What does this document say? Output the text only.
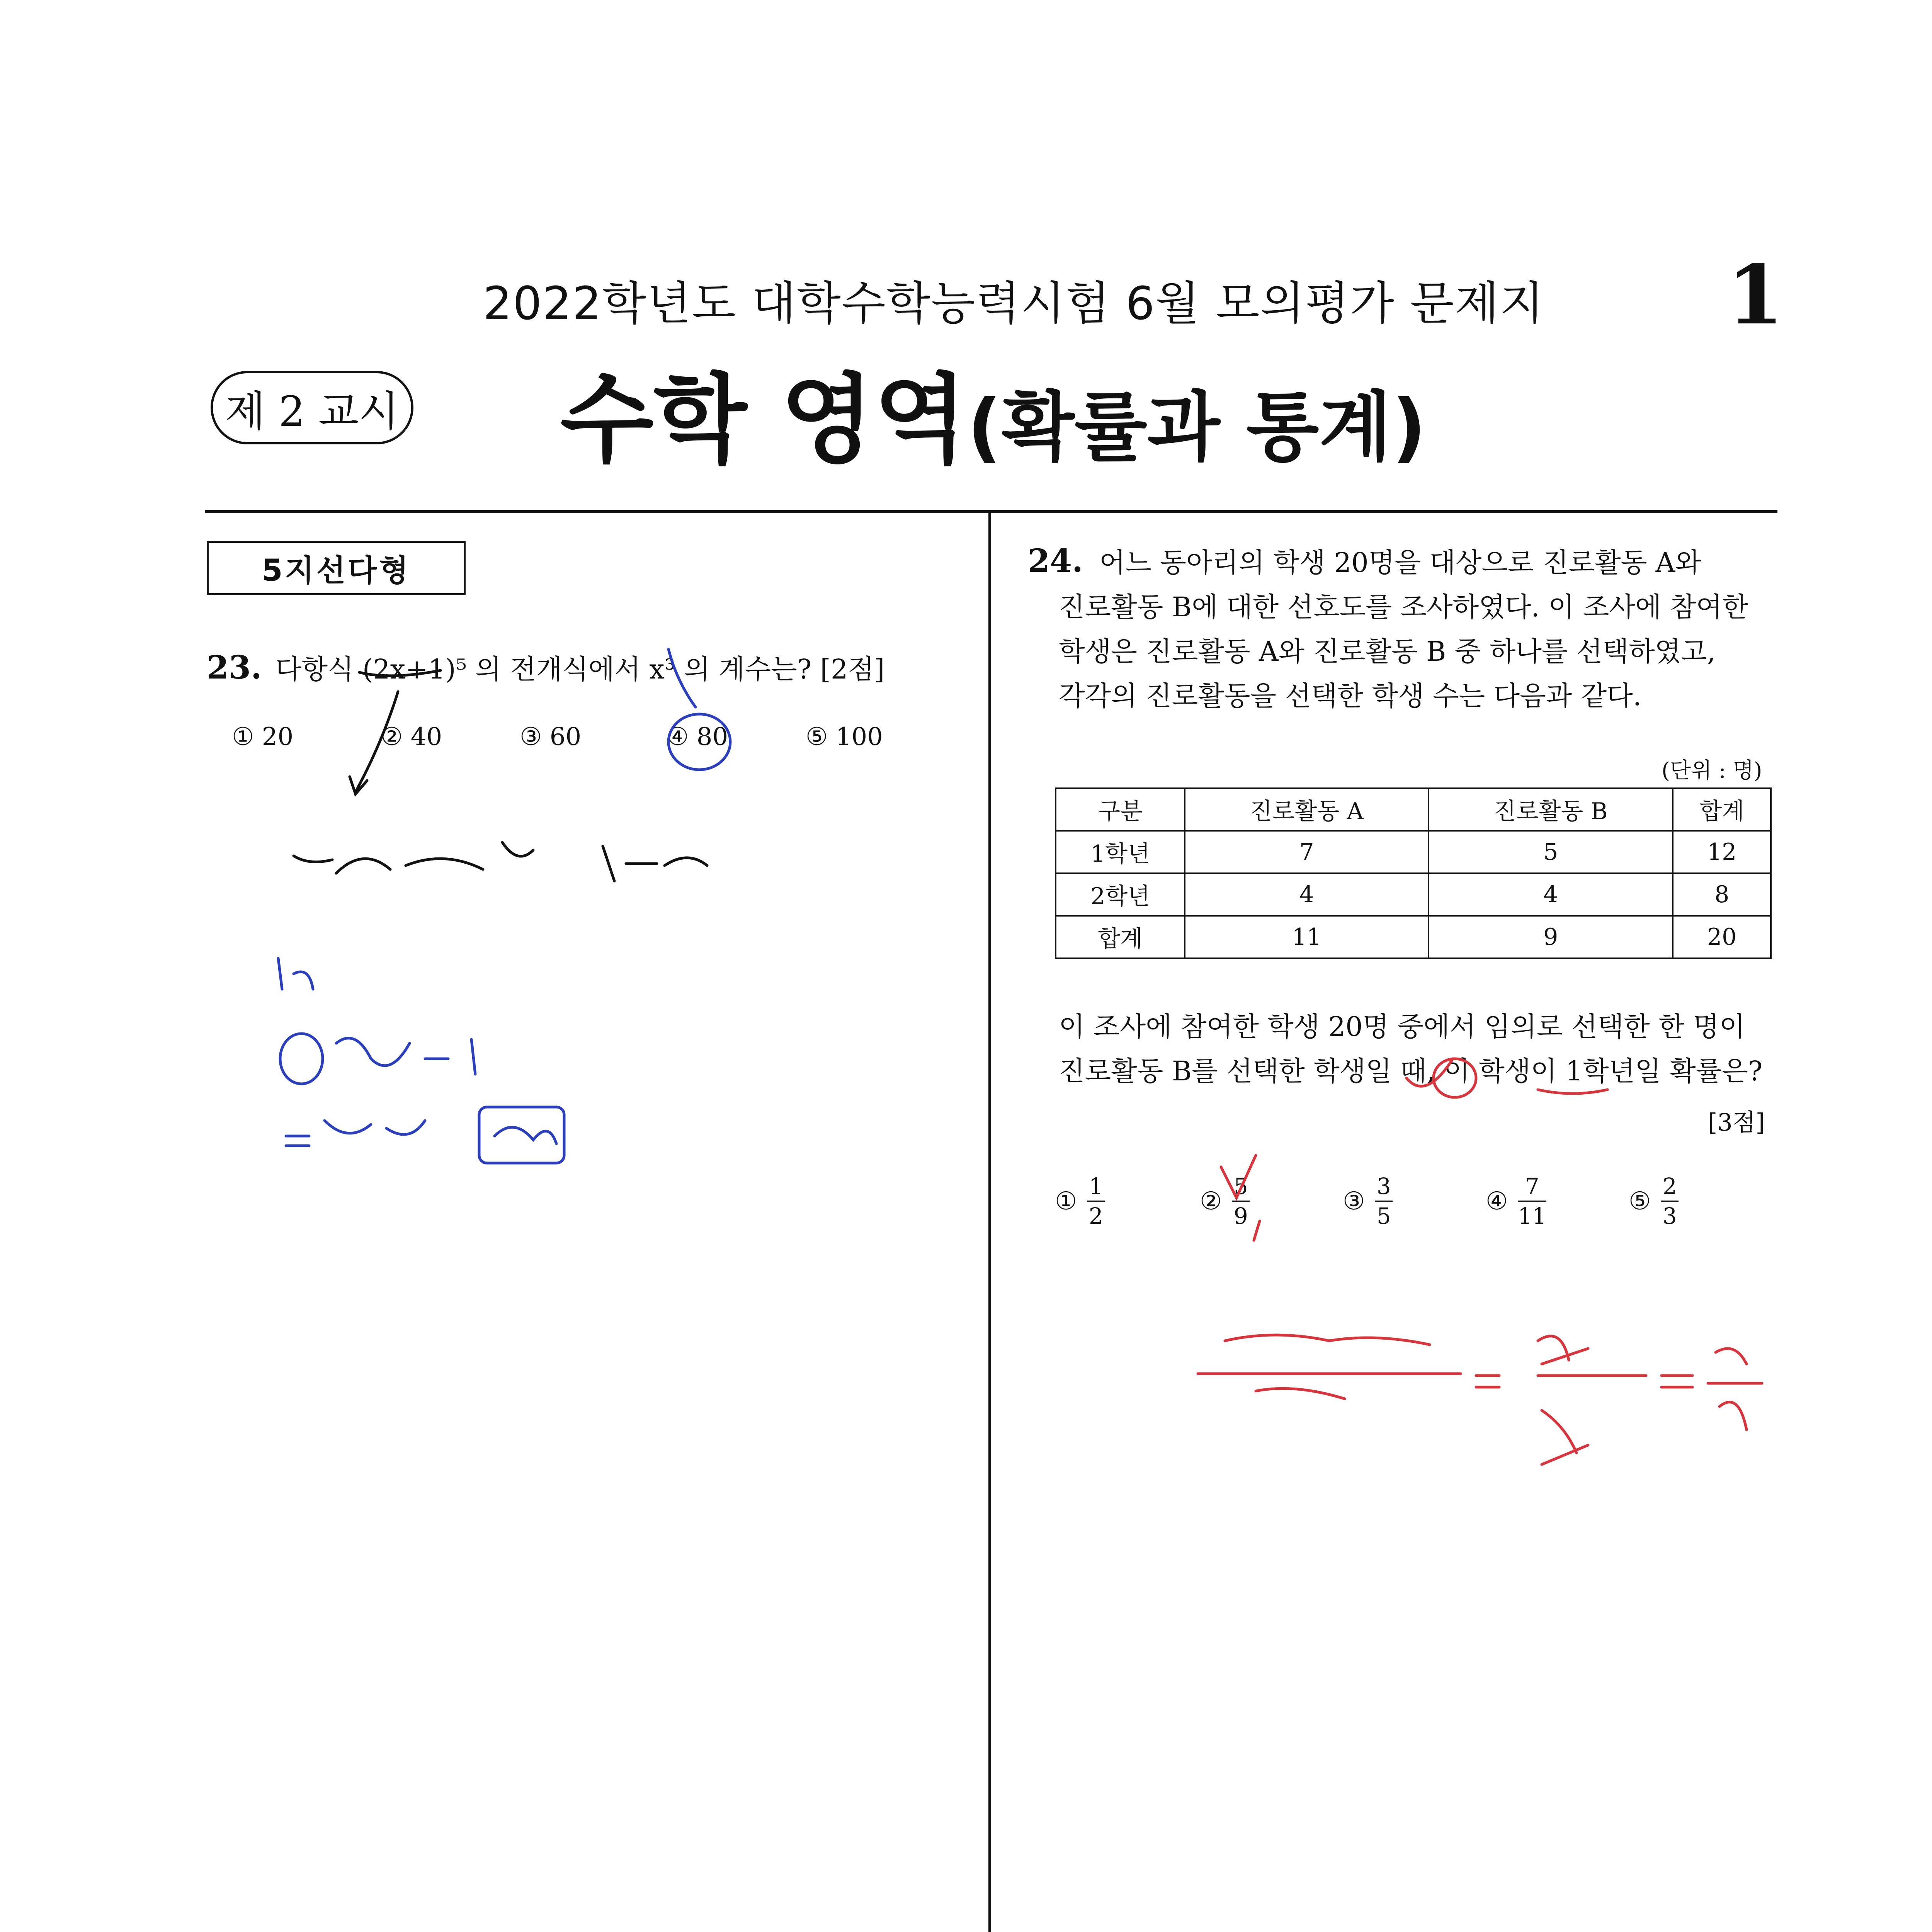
2022학년도 대학수학능력시험 6월 모의평가 문제지 1
제 2 교시 수학 영역(확률과 통계)
5지선다형
23. 다항식 (2x+1)⁵ 의 전개식에서 x³ 의 계수는? [2점]
① 20	② 40	③ 60	④ 80	⑤ 100
24. 어느 동아리의 학생 20명을 대상으로 진로활동 A와
진로활동 B에 대한 선호도를 조사하였다. 이 조사에 참여한
학생은 진로활동 A와 진로활동 B 중 하나를 선택하였고,
각각의 진로활동을 선택한 학생 수는 다음과 같다.
(단위 : 명)
구분	진로활동 A	진로활동 B	합계
1학년	7	5	12
2학년	4	4	8
합계	11	9	20
이 조사에 참여한 학생 20명 중에서 임의로 선택한 한 명이
진로활동 B를 선택한 학생일 때, 이 학생이 1학년일 확률은?
[3점]
① $\frac{1}{2}$	② $\frac{5}{9}$	③ $\frac{3}{5}$	④ $\frac{7}{11}$	⑤ $\frac{2}{3}$
